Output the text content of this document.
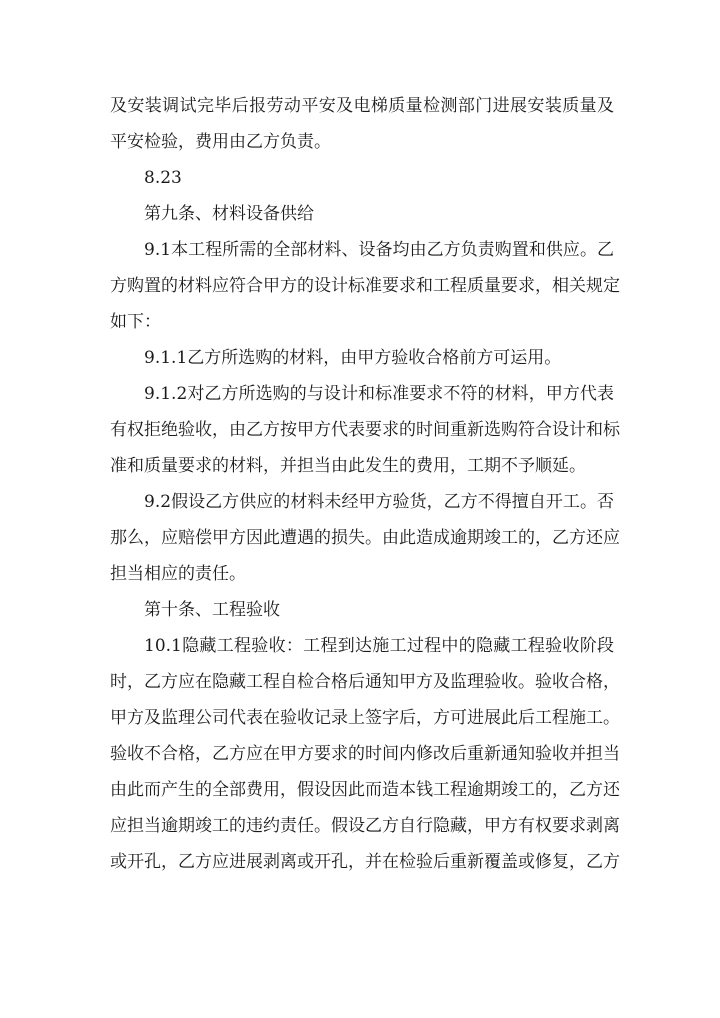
及安装调试完毕后报劳动平安及电梯质量检测部门进展安装质量及
平安检验，费用由乙方负责。
8.23
第九条、材料设备供给
9.1本工程所需的全部材料、设备均由乙方负责购置和供应。乙
方购置的材料应符合甲方的设计标准要求和工程质量要求，相关规定
如下：
9.1.1乙方所选购的材料，由甲方验收合格前方可运用。
9.1.2对乙方所选购的与设计和标准要求不符的材料，甲方代表
有权拒绝验收，由乙方按甲方代表要求的时间重新选购符合设计和标
准和质量要求的材料，并担当由此发生的费用，工期不予顺延。
9.2假设乙方供应的材料未经甲方验货，乙方不得擅自开工。否
那么，应赔偿甲方因此遭遇的损失。由此造成逾期竣工的，乙方还应
担当相应的责任。
第十条、工程验收
10.1隐藏工程验收：工程到达施工过程中的隐藏工程验收阶段
时，乙方应在隐藏工程自检合格后通知甲方及监理验收。验收合格，
甲方及监理公司代表在验收记录上签字后，方可进展此后工程施工。
验收不合格，乙方应在甲方要求的时间内修改后重新通知验收并担当
由此而产生的全部费用，假设因此而造本钱工程逾期竣工的，乙方还
应担当逾期竣工的违约责任。假设乙方自行隐藏，甲方有权要求剥离
或开孔，乙方应进展剥离或开孔，并在检验后重新覆盖或修复，乙方
